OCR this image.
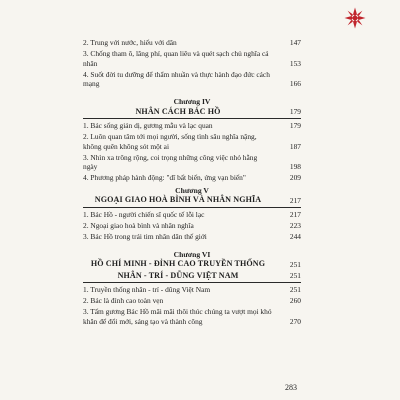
2. Trung với nước, hiếu với dân	147
3. Chống tham ô, lãng phí, quan liêu và quét sạch chủ nghĩa cá nhân	153
4. Suốt đời tu dưỡng để thẩm nhuần và thực hành đạo đức cách mạng	166
Chương IV
NHÂN CÁCH BÁC HỒ	179
1. Bác sống giản dị, gương mẫu và lạc quan	179
2. Luôn quan tâm tới mọi người, sống tình sâu nghĩa nặng, không quên không sót một ai	187
3. Nhìn xa trông rộng, coi trọng những công việc nhỏ hằng ngày	198
4. Phương pháp hành động: "dĩ bất biến, ứng vạn biến"	209
Chương V
NGOẠI GIAO HOÀ BÌNH VÀ NHÂN NGHĨA	217
1. Bác Hồ - người chiến sĩ quốc tế lỗi lạc	217
2. Ngoại giao hoà bình và nhân nghĩa	223
3. Bác Hồ trong trái tim nhân dân thế giới	244
Chương VI
HỒ CHÍ MINH - ĐỈNH CAO TRUYỀN THỐNG	251
NHÂN - TRÍ - DŨNG VIỆT NAM	251
1. Truyền thống nhân - trí - dũng Việt Nam	251
2. Bác là đỉnh cao toàn vẹn	260
3. Tấm gương Bác Hồ mãi mãi thôi thúc chúng ta vượt mọi khó khăn để đổi mới, sáng tạo và thành công	270
283
